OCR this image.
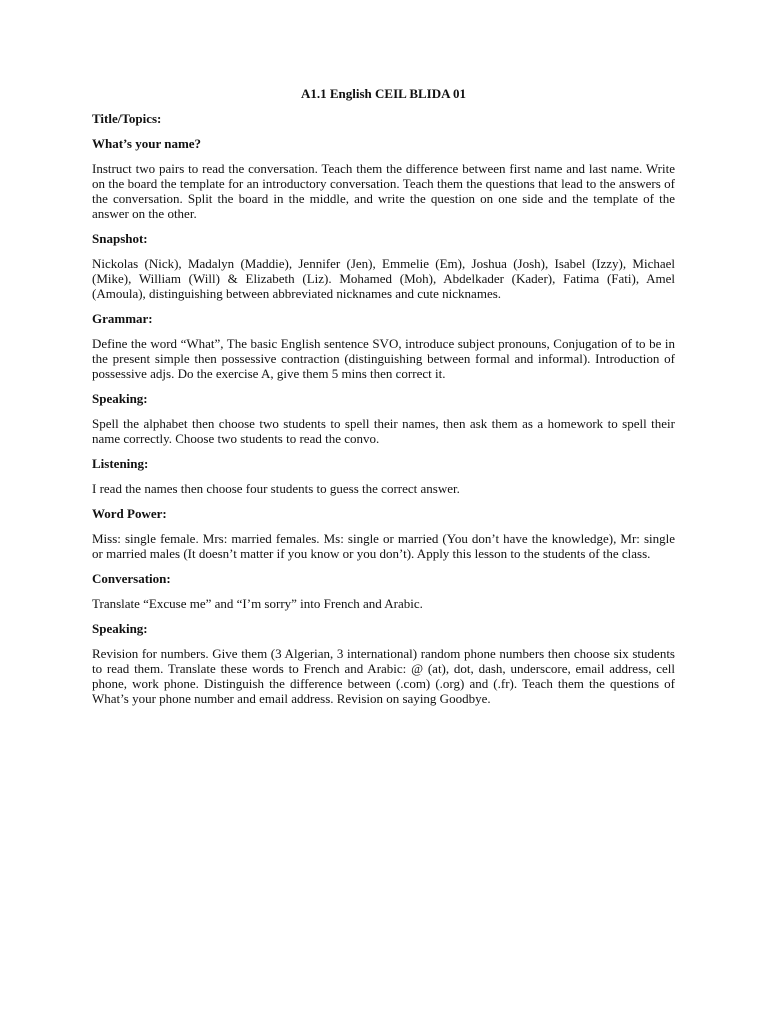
A1.1 English CEIL BLIDA 01

Title/Topics:

What’s your name?

Instruct two pairs to read the conversation. Teach them the difference between first name and last name. Write on the board the template for an introductory conversation. Teach them the questions that lead to the answers of the conversation. Split the board in the middle, and write the question on one side and the template of the answer on the other.

Snapshot:

Nickolas (Nick), Madalyn (Maddie), Jennifer (Jen), Emmelie (Em), Joshua (Josh), Isabel (Izzy), Michael (Mike), William (Will) & Elizabeth (Liz). Mohamed (Moh), Abdelkader (Kader), Fatima (Fati), Amel (Amoula), distinguishing between abbreviated nicknames and cute nicknames.

Grammar:

Define the word “What”, The basic English sentence SVO, introduce subject pronouns, Conjugation of to be in the present simple then possessive contraction (distinguishing between formal and informal). Introduction of possessive adjs. Do the exercise A, give them 5 mins then correct it.

Speaking:

Spell the alphabet then choose two students to spell their names, then ask them as a homework to spell their name correctly. Choose two students to read the convo.

Listening:

I read the names then choose four students to guess the correct answer.

Word Power:

Miss: single female. Mrs: married females. Ms: single or married (You don’t have the knowledge), Mr: single or married males (It doesn’t matter if you know or you don’t). Apply this lesson to the students of the class.

Conversation:

Translate “Excuse me” and “I’m sorry” into French and Arabic.

Speaking:

Revision for numbers. Give them (3 Algerian, 3 international) random phone numbers then choose six students to read them. Translate these words to French and Arabic: @ (at), dot, dash, underscore, email address, cell phone, work phone. Distinguish the difference between (.com) (.org) and (.fr). Teach them the questions of What’s your phone number and email address. Revision on saying Goodbye.
